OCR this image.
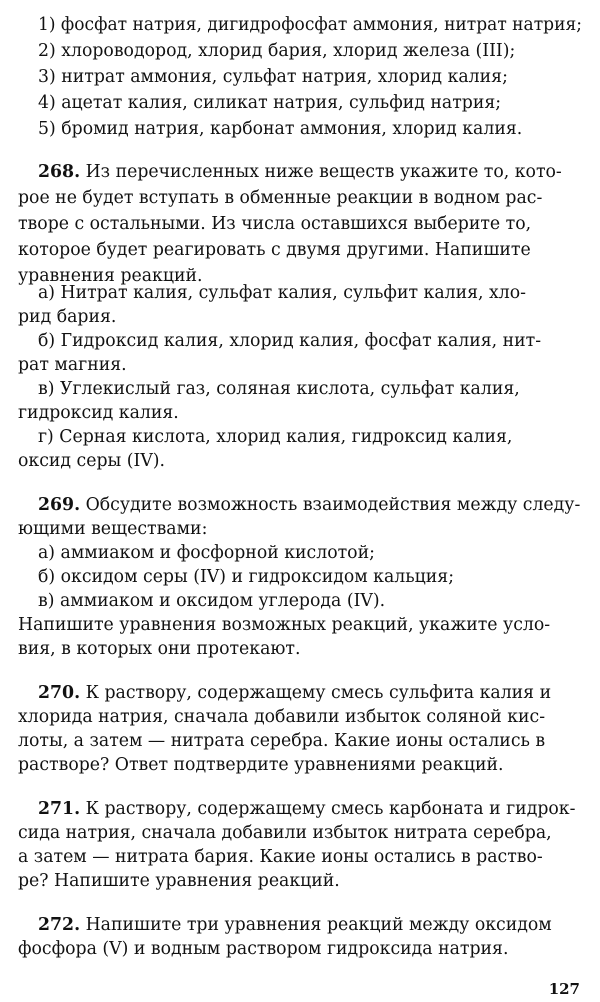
1) фосфат натрия, дигидрофосфат аммония, нитрат натрия;
2) хлороводород, хлорид бария, хлорид железа (III);
3) нитрат аммония, сульфат натрия, хлорид калия;
4) ацетат калия, силикат натрия, сульфид натрия;
5) бромид натрия, карбонат аммония, хлорид калия.
268. Из перечисленных ниже веществ укажите то, кото-
рое не будет вступать в обменные реакции в водном рас-
творе с остальными. Из числа оставшихся выберите то,
которое будет реагировать с двумя другими. Напишите
уравнения реакций.
а) Нитрат калия, сульфат калия, сульфит калия, хло-
рид бария.
б) Гидроксид калия, хлорид калия, фосфат калия, нит-
рат магния.
в) Углекислый газ, соляная кислота, сульфат калия,
гидроксид калия.
г) Серная кислота, хлорид калия, гидроксид калия,
оксид серы (IV).
269. Обсудите возможность взаимодействия между следу-
ющими веществами:
а) аммиаком и фосфорной кислотой;
б) оксидом серы (IV) и гидроксидом кальция;
в) аммиаком и оксидом углерода (IV).
Напишите уравнения возможных реакций, укажите усло-
вия, в которых они протекают.
270. К раствору, содержащему смесь сульфита калия и
хлорида натрия, сначала добавили избыток соляной кис-
лоты, а затем — нитрата серебра. Какие ионы остались в
растворе? Ответ подтвердите уравнениями реакций.
271. К раствору, содержащему смесь карбоната и гидрок-
сида натрия, сначала добавили избыток нитрата серебра,
а затем — нитрата бария. Какие ионы остались в раство-
ре? Напишите уравнения реакций.
272. Напишите три уравнения реакций между оксидом
фосфора (V) и водным раствором гидроксида натрия.
127
